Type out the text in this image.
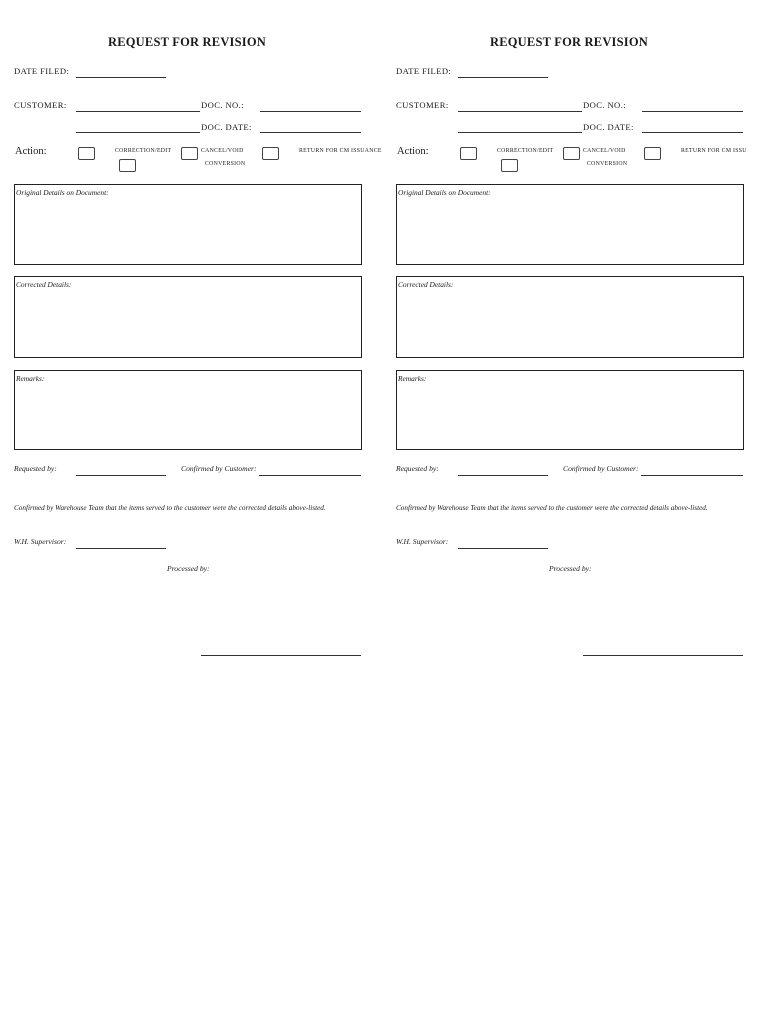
REQUEST FOR REVISION
DATE FILED:
CUSTOMER:	DOC. NO.:
DOC. DATE:
Action:	CORRECTION/EDIT	CANCEL/VOID	RETURN FOR CM ISSUANCE
CONVERSION
Original Details on Document:
Corrected Details:
Remarks:
Requested by:	Confirmed by Customer:
Confirmed by Warehouse Team that the items served to the customer were the corrected details above-listed.
W.H. Supervisor:
Processed by:
REQUEST FOR REVISION
DATE FILED:
CUSTOMER:	DOC. NO.:
DOC. DATE:
Action:	CORRECTION/EDIT	CANCEL/VOID	RETURN FOR CM ISSU
CONVERSION
Original Details on Document:
Corrected Details:
Remarks:
Requested by:	Confirmed by Customer:
Confirmed by Warehouse Team that the items served to the customer were the corrected details above-listed.
W.H. Supervisor:
Processed by:
